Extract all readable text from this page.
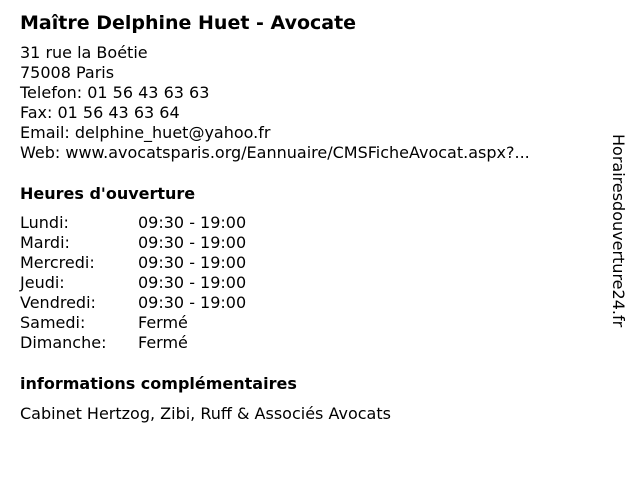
Maître Delphine Huet - Avocate
31 rue la Boétie
75008 Paris
Telefon: 01 56 43 63 63
Fax: 01 56 43 63 64
Email: delphine_huet@yahoo.fr
Web: www.avocatsparis.org/Eannuaire/CMSFicheAvocat.aspx?...
Heures d'ouverture
Lundi:	09:30 - 19:00
Mardi:	09:30 - 19:00
Mercredi:	09:30 - 19:00
Jeudi:	09:30 - 19:00
Vendredi:	09:30 - 19:00
Samedi:	Fermé
Dimanche: Fermé
informations complémentaires
Cabinet Hertzog, Zibi, Ruff & Associés Avocats
Horairesdouverture24.fr
